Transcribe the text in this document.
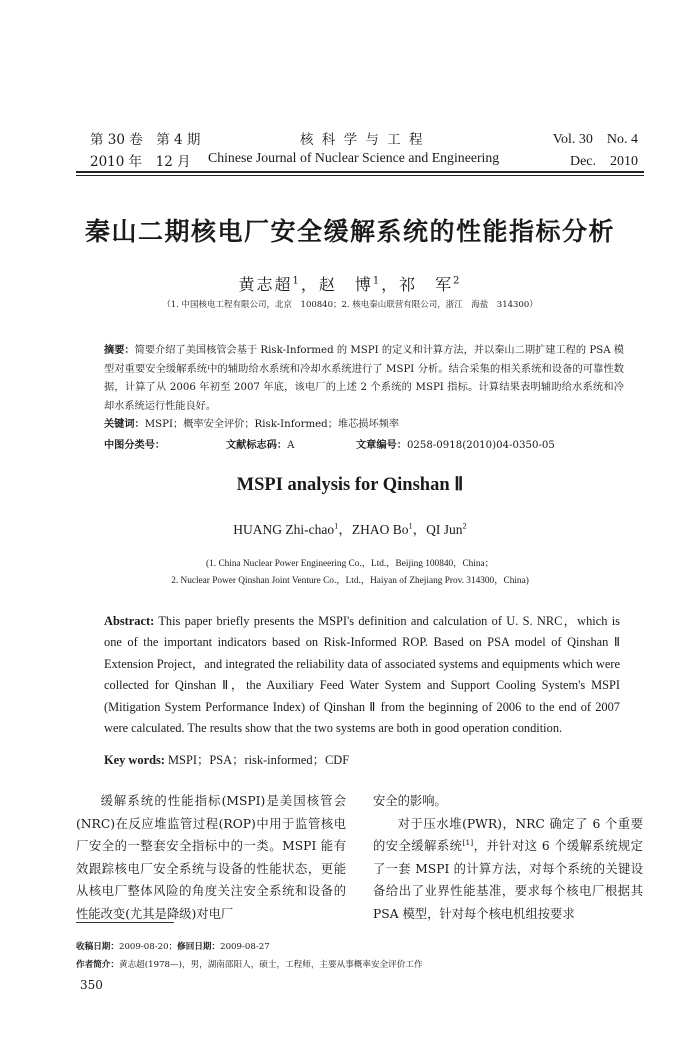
第 30 卷　第 4 期
2010 年　12 月
核 科 学 与 工 程
Chinese Journal of Nuclear Science and Engineering
Vol. 30　No. 4
Dec.　2010
秦山二期核电厂安全缓解系统的性能指标分析
黄志超$^1$，赵　博$^1$，祁　军$^2$
（1. 中国核电工程有限公司，北京　100840；2. 核电秦山联营有限公司，浙江　海盐　314300）
摘要：简要介绍了美国核管会基于 Risk-Informed 的 MSPI 的定义和计算方法，并以秦山二期扩建工程的 PSA 模型对重要安全缓解系统中的辅助给水系统和冷却水系统进行了 MSPI 分析。结合采集的相关系统和设备的可靠性数据，计算了从 2006 年初至 2007 年底，该电厂的上述 2 个系统的 MSPI 指标。计算结果表明辅助给水系统和冷却水系统运行性能良好。
关键词：MSPI；概率安全评价；Risk-Informed；堆芯损坏频率
中图分类号：	文献标志码：A	文章编号：0258-0918(2010)04-0350-05
MSPI analysis for Qinshan Ⅱ
HUANG Zhi-chao$^1$，ZHAO Bo$^1$，QI Jun$^2$
(1. China Nuclear Power Engineering Co.，Ltd.，Beijing 100840，China；
2. Nuclear Power Qinshan Joint Venture Co.，Ltd.，Haiyan of Zhejiang Prov. 314300，China)
Abstract: This paper briefly presents the MSPI's definition and calculation of U. S. NRC，which is one of the important indicators based on Risk-Informed ROP. Based on PSA model of Qinshan Ⅱ Extension Project，and integrated the reliability data of associated systems and equipments which were collected for Qinshan Ⅱ，the Auxiliary Feed Water System and Support Cooling System's MSPI (Mitigation System Performance Index) of Qinshan Ⅱ from the beginning of 2006 to the end of 2007 were calculated. The results show that the two systems are both in good operation condition.
Key words: MSPI；PSA；risk-informed；CDF

缓解系统的性能指标(MSPI)是美国核管会(NRC)在反应堆监管过程(ROP)中用于监管核电厂安全的一整套安全指标中的一类。MSPI 能有效跟踪核电厂安全系统与设备的性能状态，更能从核电厂整体风险的角度关注安全系统和设备的性能改变(尤其是降级)对电厂

安全的影响。

对于压水堆(PWR)，NRC 确定了 6 个重要的安全缓解系统[1]，并针对这 6 个缓解系统规定了一套 MSPI 的计算方法，对每个系统的关键设备给出了业界性能基准，要求每个核电厂根据其 PSA 模型，针对每个核电机组按要求

收稿日期：2009-08-20；修回日期：2009-08-27
作者简介：黄志超(1978—)，男，湖南邵阳人，硕士，工程师，主要从事概率安全评价工作
350
